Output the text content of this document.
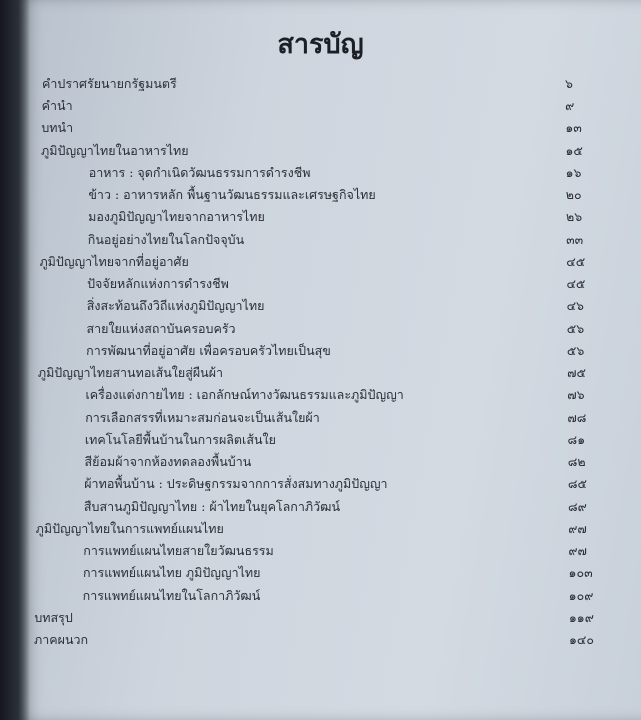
สารบัญ
คำปราศรัยนายกรัฐมนตรี	๖
คำนำ	๙
บทนำ	๑๓
ภูมิปัญญาไทยในอาหารไทย	๑๕
อาหาร : จุดกำเนิดวัฒนธรรมการดำรงชีพ	๑๖
ข้าว : อาหารหลัก พื้นฐานวัฒนธรรมและเศรษฐกิจไทย	๒๐
มองภูมิปัญญาไทยจากอาหารไทย	๒๖
กินอยู่อย่างไทยในโลกปัจจุบัน	๓๓
ภูมิปัญญาไทยจากที่อยู่อาศัย	๔๕
ปัจจัยหลักแห่งการดำรงชีพ	๔๕
สิ่งสะท้อนถึงวิถีแห่งภูมิปัญญาไทย	๔๖
สายใยแห่งสถาบันครอบครัว	๕๖
การพัฒนาที่อยู่อาศัย เพื่อครอบครัวไทยเป็นสุข	๕๖
ภูมิปัญญาไทยสานทอเส้นใยสู่ผืนผ้า	๗๕
เครื่องแต่งกายไทย : เอกลักษณ์ทางวัฒนธรรมและภูมิปัญญา	๗๖
การเลือกสรรที่เหมาะสมก่อนจะเป็นเส้นใยผ้า	๗๘
เทคโนโลยีพื้นบ้านในการผลิตเส้นใย	๘๑
สีย้อมผ้าจากห้องทดลองพื้นบ้าน	๘๒
ผ้าทอพื้นบ้าน : ประดิษฐกรรมจากการสั่งสมทางภูมิปัญญา	๘๕
สืบสานภูมิปัญญาไทย : ผ้าไทยในยุคโลกาภิวัฒน์	๘๙
ภูมิปัญญาไทยในการแพทย์แผนไทย	๙๗
การแพทย์แผนไทยสายใยวัฒนธรรม	๙๗
การแพทย์แผนไทย ภูมิปัญญาไทย	๑๐๓
การแพทย์แผนไทยในโลกาภิวัฒน์	๑๐๙
บทสรุป	๑๑๙
ภาคผนวก	๑๔๐
